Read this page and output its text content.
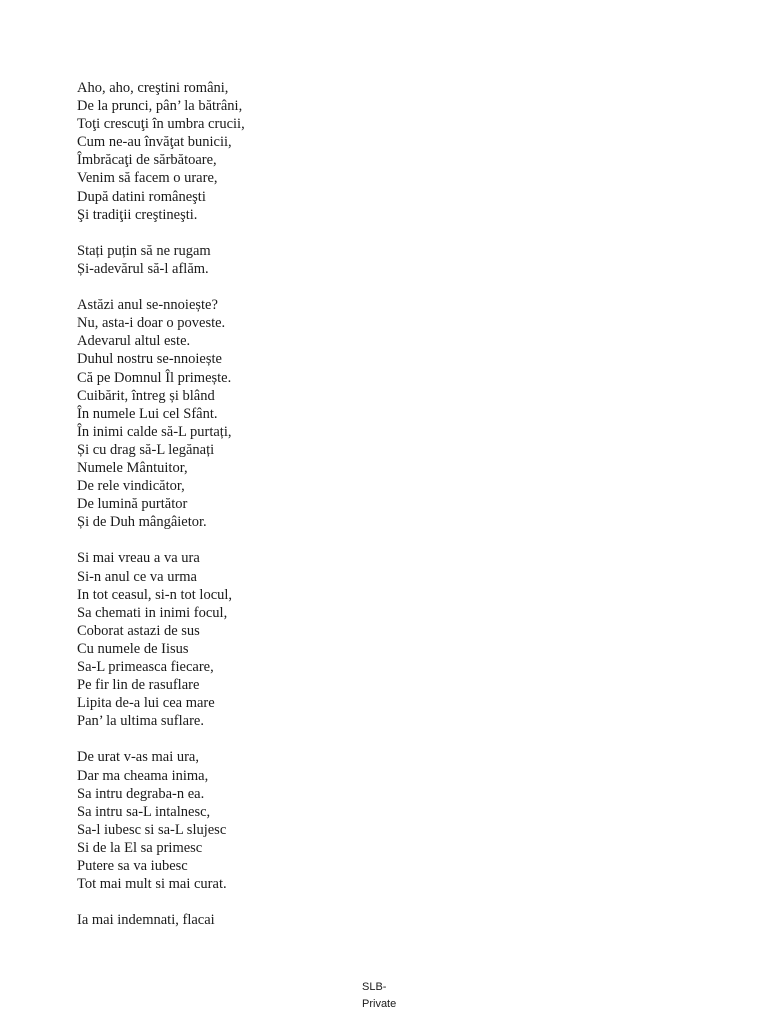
Aho, aho, creştini români,
De la prunci, pân’ la bătrâni,
Toţi crescuţi în umbra crucii,
Cum ne-au învăţat bunicii,
Îmbrăcaţi de sărbătoare,
Venim să facem o urare,
După datini româneşti
Şi tradiţii creştineşti.
Stați puțin să ne rugam
Și-adevărul să-l aflăm.
Astăzi anul se-nnoiește?
Nu, asta-i doar o poveste.
Adevarul altul este.
Duhul nostru se-nnoiește
Că pe Domnul Îl primește.
Cuibărit, întreg și blând
În numele Lui cel Sfânt.
În inimi calde să-L purtați,
Și cu drag să-L legănați
Numele Mântuitor,
De rele vindicător,
De lumină purtător
Și de Duh mângâietor.
Si mai vreau a va ura
Si-n anul ce va urma
In tot ceasul, si-n tot locul,
Sa chemati in inimi focul,
Coborat astazi de sus
Cu numele de Iisus
Sa-L primeasca fiecare,
Pe fir lin de rasuflare
Lipita de-a lui cea mare
Pan’ la ultima suflare.
De urat v-as mai ura,
Dar ma cheama inima,
Sa intru degraba-n ea.
Sa intru sa-L intalnesc,
Sa-l iubesc si sa-L slujesc
Si de la El sa primesc
Putere sa va iubesc
Tot mai mult si mai curat.
Ia mai indemnati, flacai
SLB-
Private
